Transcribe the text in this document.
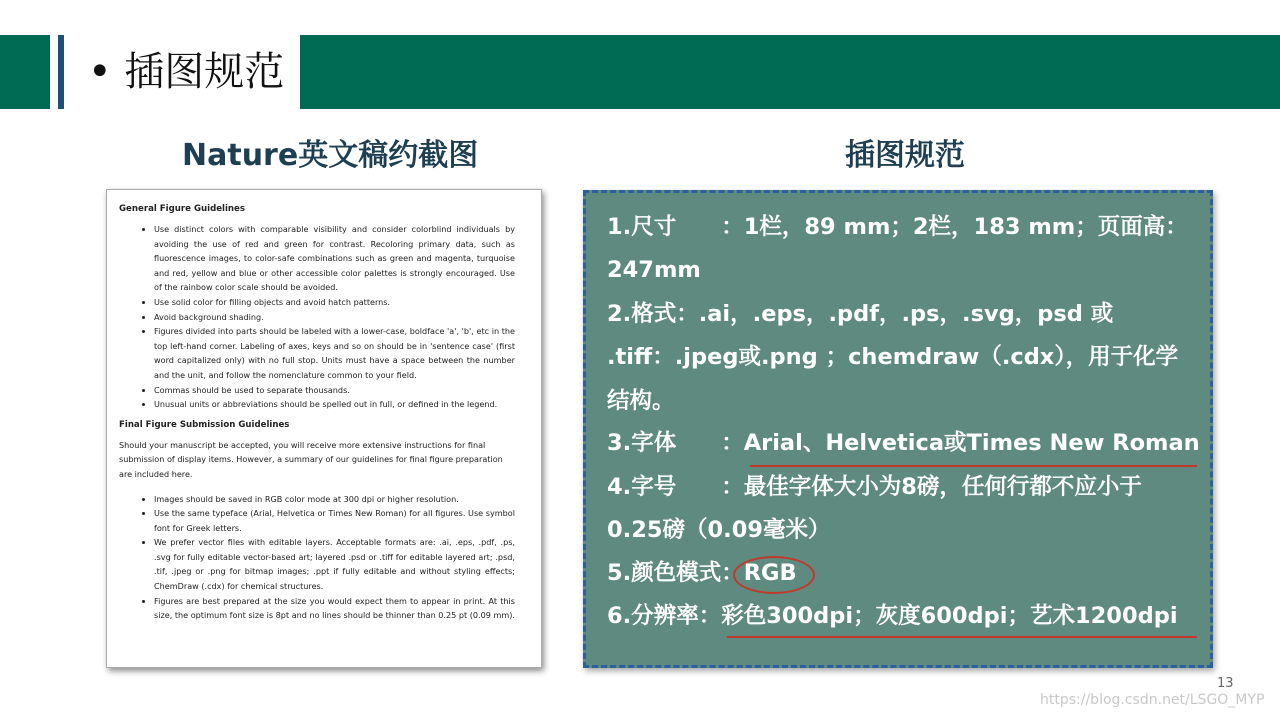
• 插图规范
Nature英文稿约截图	插图规范
General Figure Guidelines
• Use distinct colors with comparable visibility and consider colorblind individuals by avoiding the use of red and green for contrast. Recoloring primary data, such as fluorescence images, to color-safe combinations such as green and magenta, turquoise and red, yellow and blue or other accessible color palettes is strongly encouraged. Use of the rainbow color scale should be avoided.
• Use solid color for filling objects and avoid hatch patterns.
• Avoid background shading.
• Figures divided into parts should be labeled with a lower-case, boldface 'a', 'b', etc in the top left-hand corner. Labeling of axes, keys and so on should be in 'sentence case' (first word capitalized only) with no full stop. Units must have a space between the number and the unit, and follow the nomenclature common to your field.
• Commas should be used to separate thousands.
• Unusual units or abbreviations should be spelled out in full, or defined in the legend.
Final Figure Submission Guidelines

Should your manuscript be accepted, you will receive more extensive instructions for final submission of display items. However, a summary of our guidelines for final figure preparation are included here.

• Images should be saved in RGB color mode at 300 dpi or higher resolution.
• Use the same typeface (Arial, Helvetica or Times New Roman) for all figures. Use symbol font for Greek letters.
• We prefer vector files with editable layers. Acceptable formats are: .ai, .eps, .pdf, .ps, .svg for fully editable vector-based art; layered .psd or .tiff for editable layered art; .psd, .tif, .jpeg or .png for bitmap images; .ppt if fully editable and without styling effects; ChemDraw (.cdx) for chemical structures.
• Figures are best prepared at the size you would expect them to appear in print. At this size, the optimum font size is 8pt and no lines should be thinner than 0.25 pt (0.09 mm).
1.尺寸　　：1栏，89 mm；2栏，183 mm；页面高：
247mm
2.格式：.ai，.eps，.pdf，.ps，.svg，psd 或
.tiff：.jpeg或.png ；chemdraw（.cdx），用于化学
结构。
3.字体　　：Arial、Helvetica或Times New Roman
4.字号　　：最佳字体大小为8磅，任何行都不应小于
0.25磅（0.09毫米）
5.颜色模式：RGB
6.分辨率：彩色300dpi；灰度600dpi；艺术1200dpi
13
https://blog.csdn.net/LSGO_MYP
